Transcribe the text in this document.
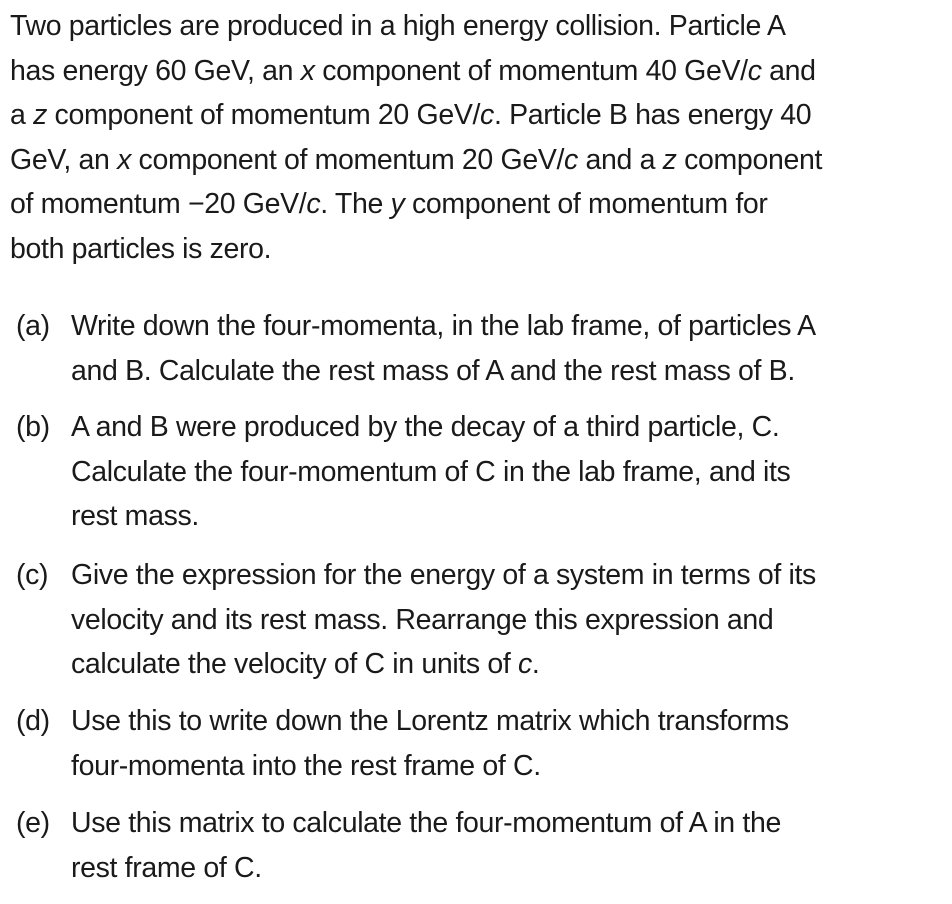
Two particles are produced in a high energy collision. Particle A
has energy 60 GeV, an x component of momentum 40 GeV/c and
a z component of momentum 20 GeV/c. Particle B has energy 40
GeV, an x component of momentum 20 GeV/c and a z component
of momentum −20 GeV/c. The y component of momentum for
both particles is zero.

(a) Write down the four-momenta, in the lab frame, of particles A
and B. Calculate the rest mass of A and the rest mass of B.
(b) A and B were produced by the decay of a third particle, C.
Calculate the four-momentum of C in the lab frame, and its
rest mass.
(c) Give the expression for the energy of a system in terms of its
velocity and its rest mass. Rearrange this expression and
calculate the velocity of C in units of c.
(d) Use this to write down the Lorentz matrix which transforms
four-momenta into the rest frame of C.
(e) Use this matrix to calculate the four-momentum of A in the
rest frame of C.
